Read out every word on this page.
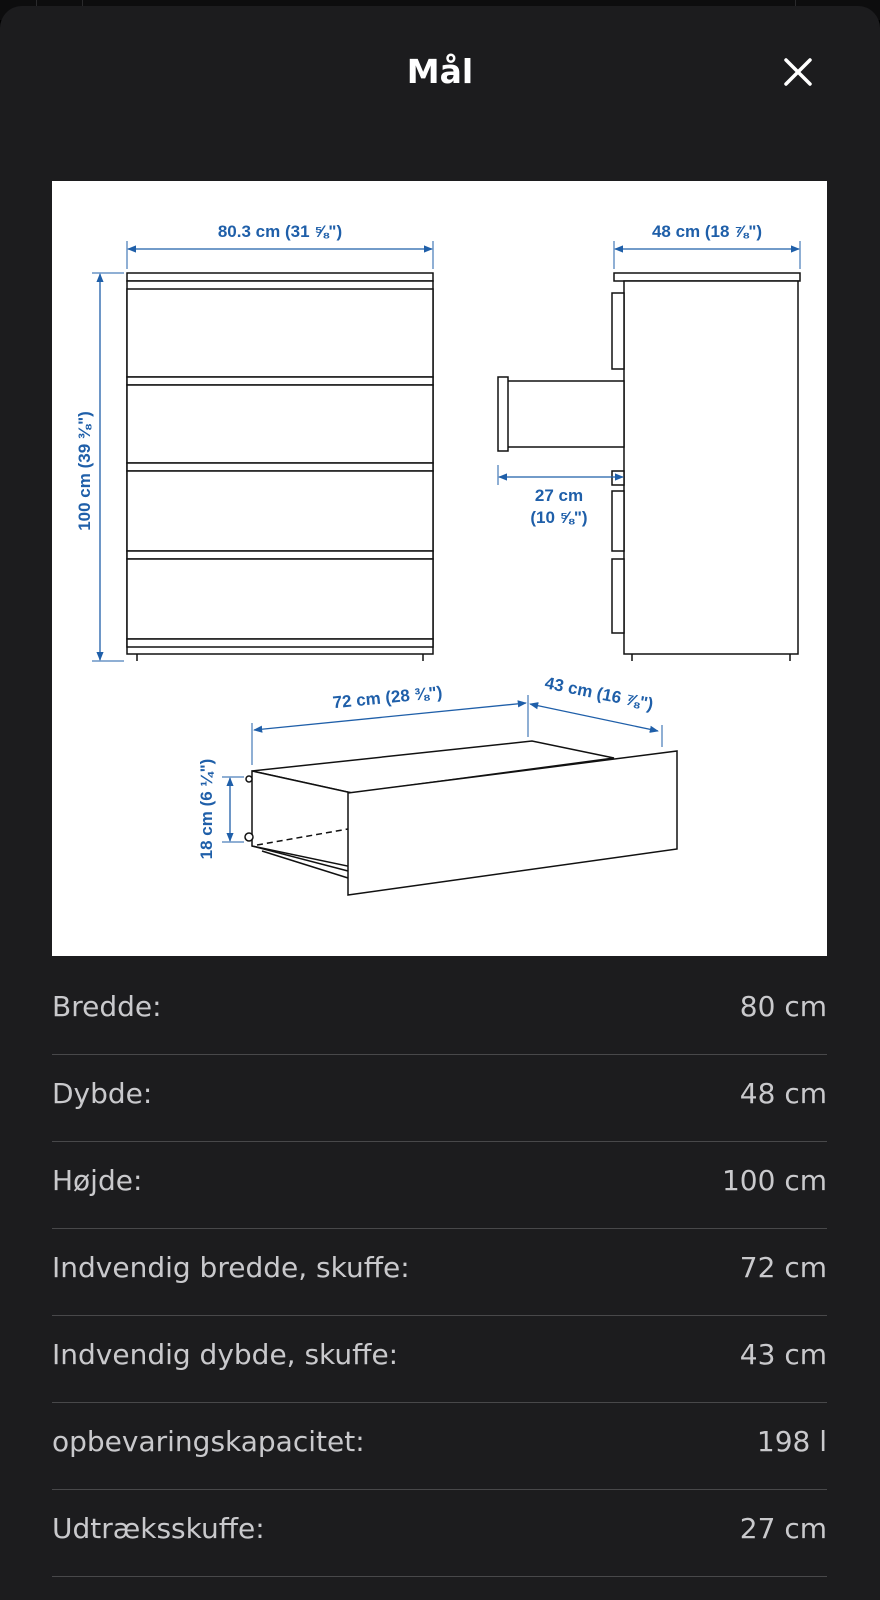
Mål
80.3 cm (31 ⅝")
100 cm (39 ⅜")
48 cm (18 ⅞")
27 cm
(10 ⅝")
72 cm (28 ⅜")	43 cm (16 ⅞")
18 cm (6 ¼")
Bredde:	80 cm
Dybde:	48 cm
Højde:	100 cm
Indvendig bredde, skuffe:	72 cm
Indvendig dybde, skuffe:	43 cm
opbevaringskapacitet:	198 l
Udtræksskuffe:	27 cm
